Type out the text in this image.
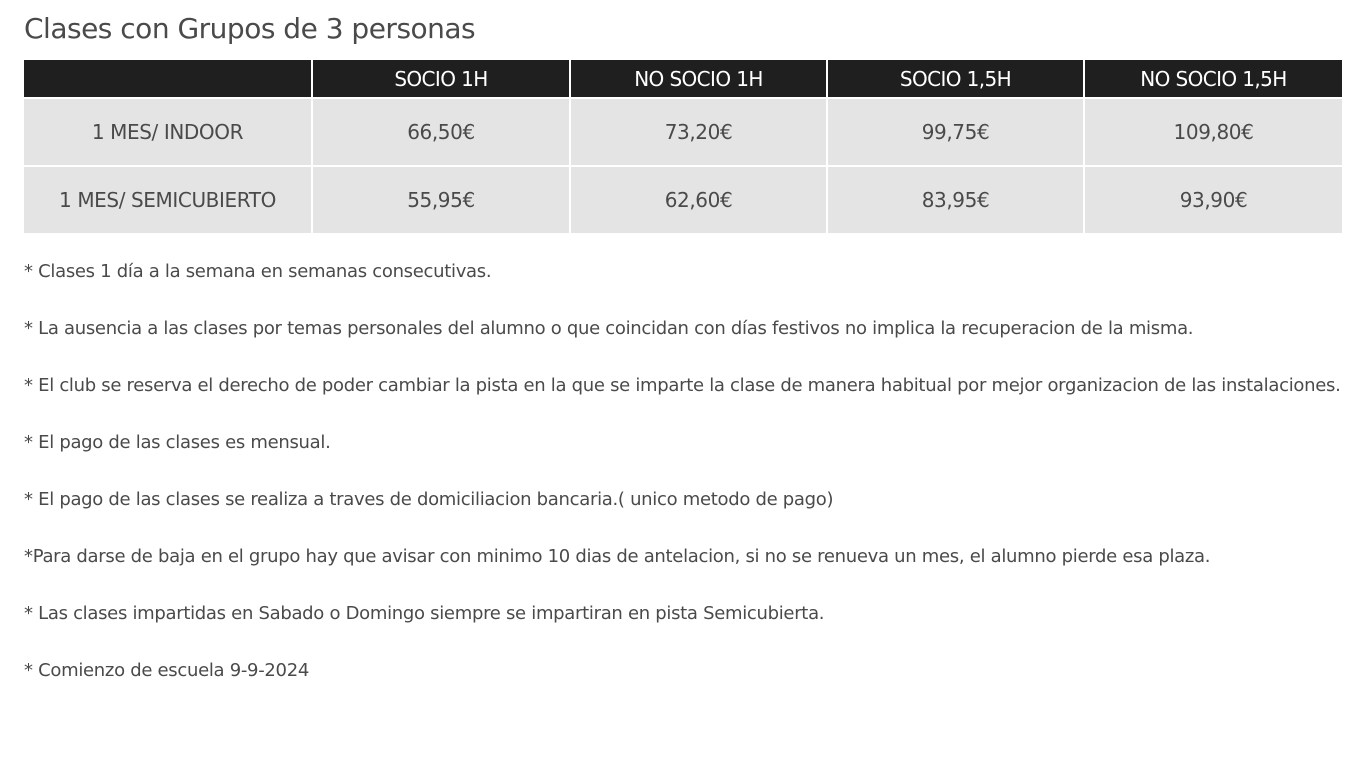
Clases con Grupos de 3 personas
	SOCIO 1H	NO SOCIO 1H	SOCIO 1,5H	NO SOCIO 1,5H
1 MES/ INDOOR	66,50€	73,20€	99,75€	109,80€
1 MES/ SEMICUBIERTO	55,95€	62,60€	83,95€	93,90€

* Clases 1 día a la semana en semanas consecutivas.

* La ausencia a las clases por temas personales del alumno o que coincidan con días festivos no implica la recuperacion de la misma.

* El club se reserva el derecho de poder cambiar la pista en la que se imparte la clase de manera habitual por mejor organizacion de las instalaciones.

* El pago de las clases es mensual.

* El pago de las clases se realiza a traves de domiciliacion bancaria.( unico metodo de pago)

*Para darse de baja en el grupo hay que avisar con minimo 10 dias de antelacion, si no se renueva un mes, el alumno pierde esa plaza.

* Las clases impartidas en Sabado o Domingo siempre se impartiran en pista Semicubierta.

* Comienzo de escuela 9-9-2024
